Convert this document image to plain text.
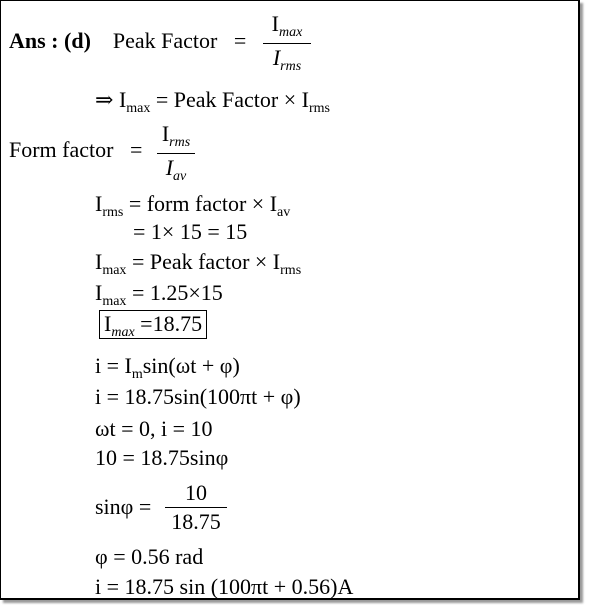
Ans : (d) Peak Factor =
$I_{max}$
$I_{rms}$
⇒ $I_{max}$ = Peak Factor × $I_{rms}$
Form factor =
$I_{rms}$
$I_{av}$
$I_{rms}$ = form factor × $I_{av}$
= 1× 15 = 15
$I_{max}$ = Peak factor × $I_{rms}$
$I_{max} = 1.25\times 15$
$I_{max} =18.75$
$i = I_m\sin(\omega t + \varphi)$
i = 18.75sin(100πt + φ)
ωt = 0, i = 10
10 = 18.75sinφ
sinφ =
10
18.75
φ = 0.56 rad
i = 18.75 sin (100πt + 0.56)A
